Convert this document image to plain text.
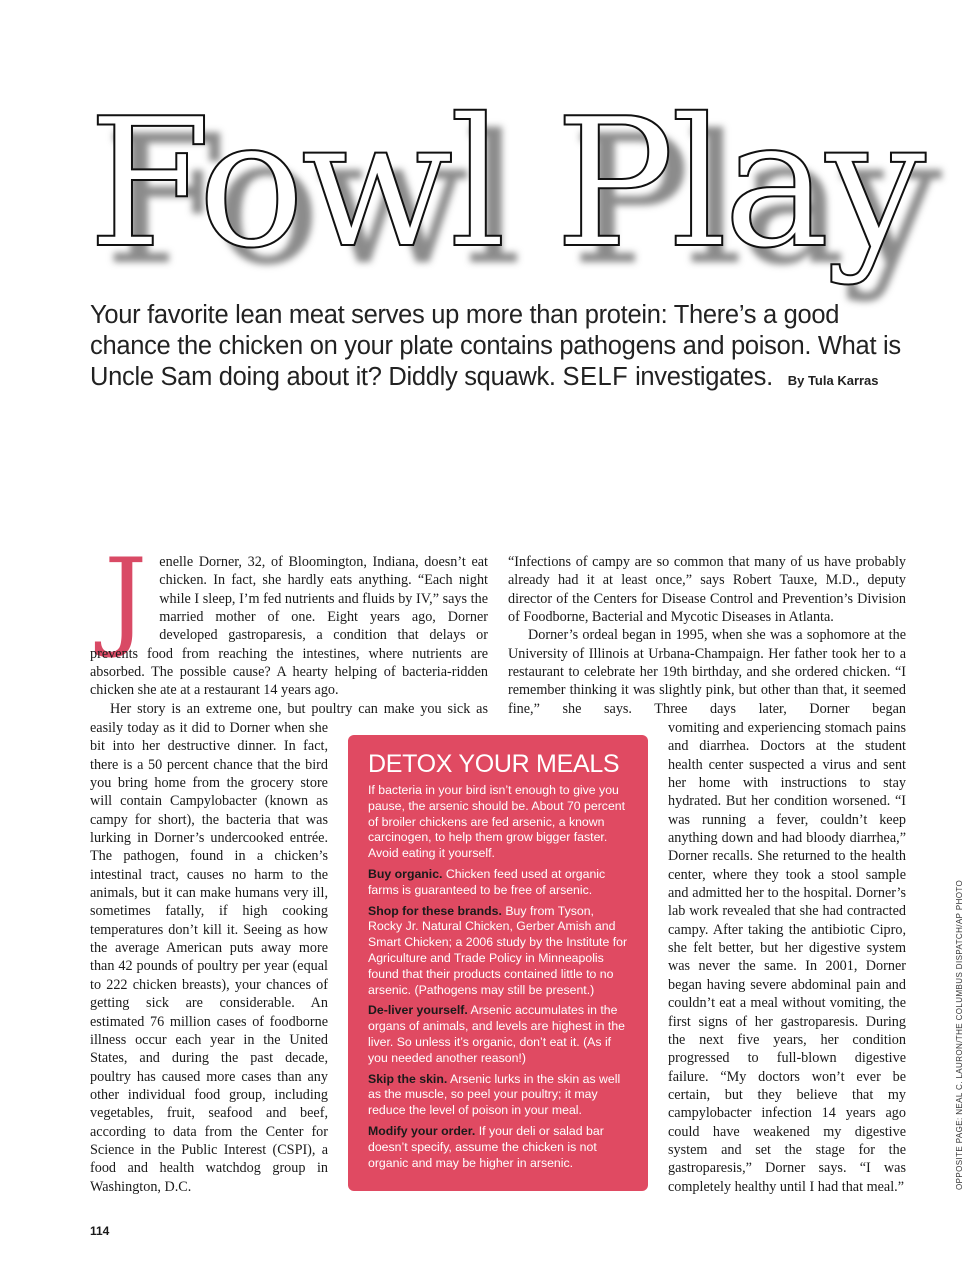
Fowl Play
Your favorite lean meat serves up more than protein: There’s a good chance the chicken on your plate contains pathogens and poison. What is Uncle Sam doing about it? Diddly squawk. SELF investigates. By Tula Karras

Jenelle Dorner, 32, of Bloomington, Indiana, doesn’t eat chicken. In fact, she hardly eats anything. “Each night while I sleep, I’m fed nutrients and fluids by IV,” says the married mother of one. Eight years ago, Dorner developed gastroparesis, a condition that delays or prevents food from reaching the intestines, where nutrients are absorbed. The possible cause? A hearty helping of bacteria-ridden chicken she ate at a restaurant 14 years ago.

Her story is an extreme one, but poultry can make you sick as

easily today as it did to Dorner when she bit into her destructive dinner. In fact, there is a 50 percent chance that the bird you bring home from the grocery store will contain Campylobacter (known as campy for short), the bacteria that was lurking in Dorner’s undercooked entrée. The pathogen, found in a chicken’s intestinal tract, causes no harm to the animals, but it can make humans very ill, sometimes fatally, if high cooking temperatures don’t kill it. Seeing as how the average American puts away more than 42 pounds of poultry per year (equal to 222 chicken breasts), your chances of getting sick are considerable. An estimated 76 million cases of foodborne illness occur each year in the United States, and during the past decade, poultry has caused more cases than any other individual food group, including vegetables, fruit, seafood and beef, according to data from the Center for Science in the Public Interest (CSPI), a food and health watchdog group in Washington, D.C.

“Infections of campy are so common that many of us have probably already had it at least once,” says Robert Tauxe, M.D., deputy director of the Centers for Disease Control and Prevention’s Division of Foodborne, Bacterial and Mycotic Diseases in Atlanta.

Dorner’s ordeal began in 1995, when she was a sophomore at the University of Illinois at Urbana-Champaign. Her father took her to a restaurant to celebrate her 19th birthday, and she ordered chicken. “I remember thinking it was slightly pink, but other than that, it seemed fine,” she says. Three days later, Dorner began

vomiting and experiencing stomach pains and diarrhea. Doctors at the student health center suspected a virus and sent her home with instructions to stay hydrated. But her condition worsened. “I was running a fever, couldn’t keep anything down and had bloody diarrhea,” Dorner recalls. She returned to the health center, where they took a stool sample and admitted her to the hospital. Dorner’s lab work revealed that she had contracted campy. After taking the antibiotic Cipro, she felt better, but her digestive system was never the same. In 2001, Dorner began having severe abdominal pain and couldn’t eat a meal without vomiting, the first signs of her gastroparesis. During the next five years, her condition progressed to full-blown digestive failure. “My doctors won’t ever be certain, but they believe that my campylobacter infection 14 years ago could have weakened my digestive system and set the stage for the gastroparesis,” Dorner says. “I was completely healthy until I had that meal.”

DETOX YOUR MEALS

If bacteria in your bird isn’t enough to give you pause, the arsenic should be. About 70 percent of broiler chickens are fed arsenic, a known carcinogen, to help them grow bigger faster. Avoid eating it yourself.

Buy organic. Chicken feed used at organic farms is guaranteed to be free of arsenic.

Shop for these brands. Buy from Tyson, Rocky Jr. Natural Chicken, Gerber Amish and Smart Chicken; a 2006 study by the Institute for Agriculture and Trade Policy in Minneapolis found that their products contained little to no arsenic. (Pathogens may still be present.)

De-liver yourself. Arsenic accumulates in the organs of animals, and levels are highest in the liver. So unless it’s organic, don’t eat it. (As if you needed another reason!)

Skip the skin. Arsenic lurks in the skin as well as the muscle, so peel your poultry; it may reduce the level of poison in your meal.

Modify your order. If your deli or salad bar doesn’t specify, assume the chicken is not organic and may be higher in arsenic.	OPPOSITE PAGE: NEAL C. LAURON/THE COLUMBUS DISPATCH/AP PHOTO
114
